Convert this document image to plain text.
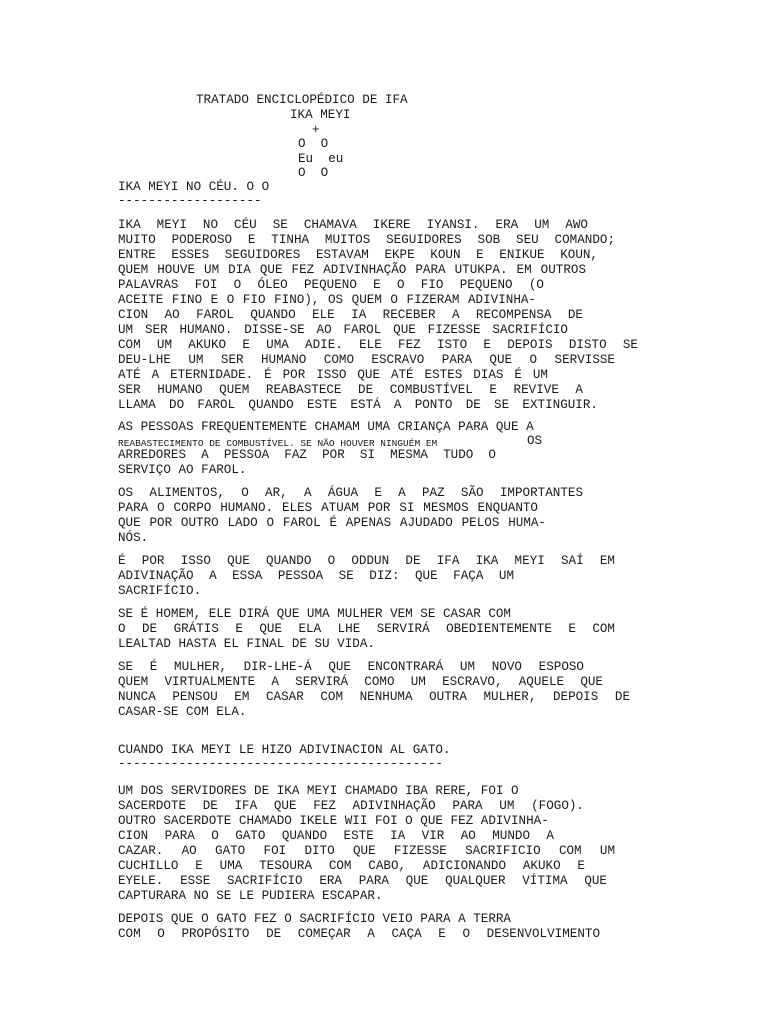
TRATADO ENCICLOPÉDICO DE IFA
IKA MEYI
+
O  O
Eu  eu
O  O
IKA MEYI NO CÉU. O O
-------------------
IKA MEYI NO CÉU SE CHAMAVA IKERE IYANSI. ERA UM AWO
MUITO PODEROSO E TINHA MUITOS SEGUIDORES SOB SEU COMANDO;
ENTRE ESSES SEGUIDORES ESTAVAM EKPE KOUN E ENIKUE KOUN,
QUEM HOUVE UM DIA QUE FEZ ADIVINHAÇÃO PARA UTUKPA. EM OUTROS
PALAVRAS FOI O ÓLEO PEQUENO E O FIO PEQUENO (O
ACEITE FINO E O FIO FINO), OS QUEM O FIZERAM ADIVINHA-
CION AO FAROL QUANDO ELE IA RECEBER A RECOMPENSA DE
UM SER HUMANO. DISSE-SE AO FAROL QUE FIZESSE SACRIFÍCIO
COM UM AKUKO E UMA ADIE. ELE FEZ ISTO E DEPOIS DISTO SE
DEU-LHE UM SER HUMANO COMO ESCRAVO PARA QUE O SERVISSE
ATÉ A ETERNIDADE. É POR ISSO QUE ATÉ ESTES DIAS É UM
SER HUMANO QUEM REABASTECE DE COMBUSTÍVEL E REVIVE A
LLAMA DO FAROL QUANDO ESTE ESTÁ A PONTO DE SE EXTINGUIR.
AS PESSOAS FREQUENTEMENTE CHAMAM UMA CRIANÇA PARA QUE A
REABASTECIMENTO DE COMBUSTÍVEL. SE NÃO HOUVER NINGUÉM EM	OS
ARREDORES A PESSOA FAZ POR SI MESMA TUDO O
SERVIÇO AO FAROL.
OS ALIMENTOS, O AR, A ÁGUA E A PAZ SÃO IMPORTANTES
PARA O CORPO HUMANO. ELES ATUAM POR SI MESMOS ENQUANTO
QUE POR OUTRO LADO O FAROL É APENAS AJUDADO PELOS HUMA-
NÓS.
É POR ISSO QUE QUANDO O ODDUN DE IFA IKA MEYI SAÍ EM
ADIVINAÇÃO A ESSA PESSOA SE DIZ: QUE FAÇA UM
SACRIFÍCIO.
SE É HOMEM, ELE DIRÁ QUE UMA MULHER VEM SE CASAR COM
O DE GRÁTIS E QUE ELA LHE SERVIRÁ OBEDIENTEMENTE E COM
LEALTAD HASTA EL FINAL DE SU VIDA.
SE É MULHER, DIR-LHE-Á QUE ENCONTRARÁ UM NOVO ESPOSO
QUEM VIRTUALMENTE A SERVIRÁ COMO UM ESCRAVO, AQUELE QUE
NUNCA PENSOU EM CASAR COM NENHUMA OUTRA MULHER, DEPOIS DE
CASAR-SE COM ELA.
CUANDO IKA MEYI LE HIZO ADIVINACION AL GATO.
-------------------------------------------
UM DOS SERVIDORES DE IKA MEYI CHAMADO IBA RERE, FOI O
SACERDOTE DE IFA QUE FEZ ADIVINHAÇÃO PARA UM (FOGO).
OUTRO SACERDOTE CHAMADO IKELE WII FOI O QUE FEZ ADIVINHA-
CION PARA O GATO QUANDO ESTE IA VIR AO MUNDO A
CAZAR. AO GATO FOI DITO QUE FIZESSE SACRIFICIO COM UM
CUCHILLO E UMA TESOURA COM CABO, ADICIONANDO AKUKO E
EYELE. ESSE SACRIFÍCIO ERA PARA QUE QUALQUER VÍTIMA QUE
CAPTURARA NO SE LE PUDIERA ESCAPAR.
DEPOIS QUE O GATO FEZ O SACRIFÍCIO VEIO PARA A TERRA
COM O PROPÓSITO DE COMEÇAR A CAÇA E O DESENVOLVIMENTO
